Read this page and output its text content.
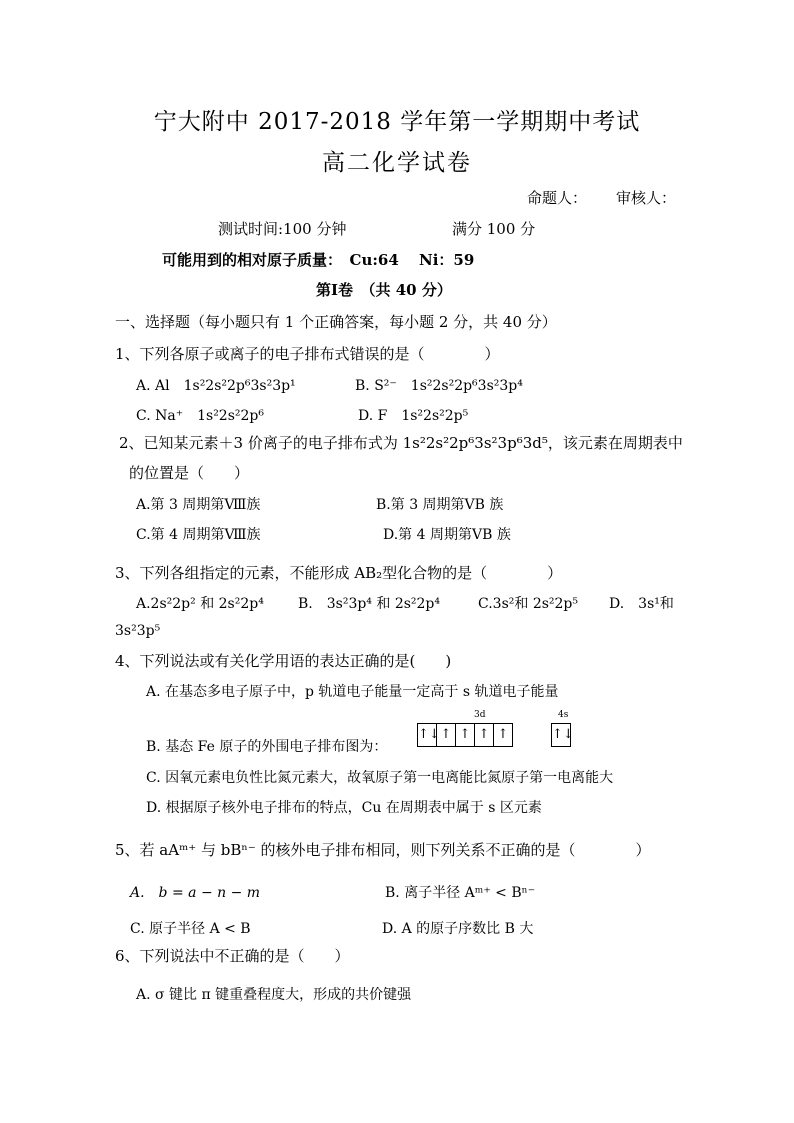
宁大附中 2017-2018 学年第一学期期中考试
高二化学试卷
命题人： 审核人：
测试时间:100 分钟	满分 100 分
可能用到的相对原子质量：　Cu:64　 Ni：59
第Ⅰ卷　（共 40 分）
一、选择题（每小题只有 1 个正确答案，每小题 2 分，共 40 分）
1、下列各原子或离子的电子排布式错误的是（　　　　）
A. Al　1s²2s²2p⁶3s²3p¹	B. S²⁻　1s²2s²2p⁶3s²3p⁴
C. Na⁺　1s²2s²2p⁶	D. F　1s²2s²2p⁵
2、已知某元素＋3 价离子的电子排布式为 1s²2s²2p⁶3s²3p⁶3d⁵，该元素在周期表中
的位置是（　　）
A.第 3 周期第Ⅷ族	B.第 3 周期第ⅤB 族
C.第 4 周期第Ⅷ族	D.第 4 周期第ⅤB 族
3、下列各组指定的元素，不能形成 AB₂型化合物的是（　　　　）
A.2s²2p² 和 2s²2p⁴ B.　3s²3p⁴ 和 2s²2p⁴	C.3s²和 2s²2p⁵ D.　3s¹和
3s²3p⁵
4、下列说法或有关化学用语的表达正确的是(　　)
A. 在基态多电子原子中，p 轨道电子能量一定高于 s 轨道电子能量
B. 基态 Fe 原子的外围电子排布图为：
3d
↑↓ ↑ ↑ ↑ ↑
4s
↑↓
C. 因氧元素电负性比氮元素大，故氧原子第一电离能比氮原子第一电离能大
D. 根据原子核外电子排布的特点，Cu 在周期表中属于 s 区元素
5、若 aAᵐ⁺ 与 bBⁿ⁻ 的核外电子排布相同，则下列关系不正确的是（　　　　）
A.　b = a − n − m	B. 离子半径 Aᵐ⁺ < Bⁿ⁻
C. 原子半径 A < B	D. A 的原子序数比 B 大
6、下列说法中不正确的是（　　）
A. σ 键比 π 键重叠程度大，形成的共价键强
